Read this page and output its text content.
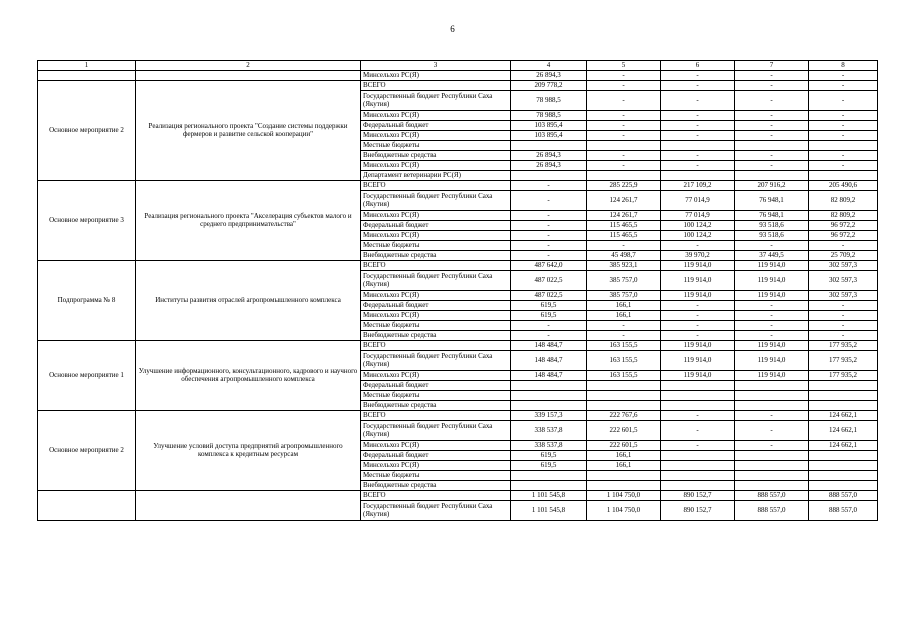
6
1	2	3	4	5	6	7	8
		Минсельхоз РС(Я)	26 894,3	-	-	-	-
Основное мероприятие 2	Реализация регионального проекта "Создание системы поддержки фермеров и развитие сельской кооперации"	ВСЕГО	209 778,2	-	-	-	-
		Государственный бюджет Республики Саха (Якутия)	78 988,5	-	-	-	-
		Минсельхоз РС(Я)	78 988,5	-	-	-	-
		Федеральный бюджет	103 895,4	-	-	-	-
		Минсельхоз РС(Я)	103 895,4	-	-	-	-
		Местные бюджеты					
		Внебюджетные средства	26 894,3	-	-	-	-
		Минсельхоз РС(Я)	26 894,3	-	-	-	-
		Департамент ветеринарии РС(Я)					
Основное мероприятие 3	Реализация регионального проекта "Акселерация субъектов малого и среднего предпринимательства"	ВСЕГО	-	285 225,9	217 109,2	207 916,2	205 490,6
		Государственный бюджет Республики Саха (Якутия)	-	124 261,7	77 014,9	76 948,1	82 809,2
		Минсельхоз РС(Я)	-	124 261,7	77 014,9	76 948,1	82 809,2
		Федеральный бюджет	-	115 465,5	100 124,2	93 518,6	96 972,2
		Минсельхоз РС(Я)	-	115 465,5	100 124,2	93 518,6	96 972,2
		Местные бюджеты	-	-	-	-	-
		Внебюджетные средства	-	45 498,7	39 970,2	37 449,5	25 709,2
Подпрограмма № 8	Институты развития отраслей агропромышленного комплекса	ВСЕГО	487 642,0	385 923,1	119 914,0	119 914,0	302 597,3
		Государственный бюджет Республики Саха (Якутия)	487 022,5	385 757,0	119 914,0	119 914,0	302 597,3
		Минсельхоз РС(Я)	487 022,5	385 757,0	119 914,0	119 914,0	302 597,3
		Федеральный бюджет	619,5	166,1	-	-	-
		Минсельхоз РС(Я)	619,5	166,1	-	-	-
		Местные бюджеты	-	-	-	-	-
		Внебюджетные средства	-	-	-	-	-
Основное мероприятие 1	Улучшение информационного, консультационного, кадрового и научного обеспечения агропромышленного комплекса	ВСЕГО	148 484,7	163 155,5	119 914,0	119 914,0	177 935,2
		Государственный бюджет Республики Саха (Якутия)	148 484,7	163 155,5	119 914,0	119 914,0	177 935,2
		Минсельхоз РС(Я)	148 484,7	163 155,5	119 914,0	119 914,0	177 935,2
		Федеральный бюджет					
		Местные бюджеты					
		Внебюджетные средства					
Основное мероприятие 2	Улучшение условий доступа предприятий агропромышленного комплекса к кредитным ресурсам	ВСЕГО	339 157,3	222 767,6	-	-	124 662,1
		Государственный бюджет Республики Саха (Якутия)	338 537,8	222 601,5	-	-	124 662,1
		Минсельхоз РС(Я)	338 537,8	222 601,5	-	-	124 662,1
		Федеральный бюджет	619,5	166,1			
		Минсельхоз РС(Я)	619,5	166,1			
		Местные бюджеты					
		Внебюджетные средства					
		ВСЕГО	1 101 545,8	1 104 750,0	890 152,7	888 557,0	888 557,0
		Государственный бюджет Республики Саха (Якутия)	1 101 545,8	1 104 750,0	890 152,7	888 557,0	888 557,0
